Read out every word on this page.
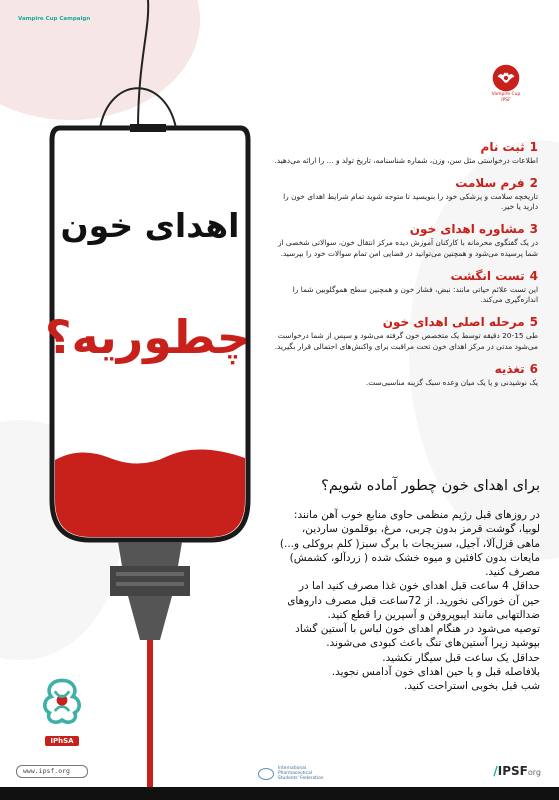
Vampire Cup Campaign
Vampire Cup
IPSF
اهدای خون
چطوریه؟
1
ثبت نام
اطلاعات درخواستی مثل سن، وزن، شماره شناسنامه، تاریخ تولد و ... را ارائه می‌دهید.
2
فرم سلامت
تاریخچه سلامت و پزشکی خود را بنویسید تا متوجه شوید تمام شرایط اهدای خون را دارید یا خیر.
3
مشاوره اهدای خون
در یک گفتگوی محرمانه با کارکنان آموزش دیده مرکز انتقال خون، سوالاتی شخصی از شما پرسیده می‌شود و همچنین می‌توانید در فضایی امن تمام سوالات خود را بپرسید.
4
تست انگشت
این تست علائم حیاتی مانند: نبض، فشار خون و همچنین سطح هموگلوبین شما را اندازه‌گیری می‌کند.
5
مرحله اصلی اهدای خون
طی 15-20 دقیقه توسط یک متخصص خون گرفته می‌شود و سپس از شما درخواست می‌شود مدتی در مرکز اهدای خون تحت مراقبت برای واکنش‌های احتمالی قرار بگیرید.
6
تغذیه
یک نوشیدنی و یا یک میان وعده سبک گزینه مناسبی‌ست.
برای اهدای خون چطور آماده شویم؟
در روزهای قبل رژیم منظمی حاوی منابع خوب آهن مانند:
لوبیا، گوشت قرمز بدون چربی، مرغ، بوقلمون ساردین،
ماهی قزل‌آلا، آجیل، سبزیجات با برگ سبز( کلم بروکلی و...)
مایعات بدون کافئین و میوه خشک شده ( زردآلو، کشمش)
مصرف کنید.
حداقل 4 ساعت قبل اهدای خون غذا مصرف کنید اما در
حین آن خوراکی نخورید. از 72ساعت قبل مصرف داروهای
ضدالتهابی مانند ایبوپروفن و آسپرین را قطع کنید.
توصیه می‌شود در هنگام اهدای خون لباس با آستین گشاد
بپوشید زیرا آستین‌های تنگ باعث کبودی می‌شوند.
حداقل یک ساعت قبل سیگار نکشید.
بلافاصله قبل و یا حین اهدای خون آدامس نجوید.
شب قبل بخوبی استراحت کنید.
IPhSA
www.ipsf.org	International
Pharmaceutical
Students' Federation
/IPSForg
